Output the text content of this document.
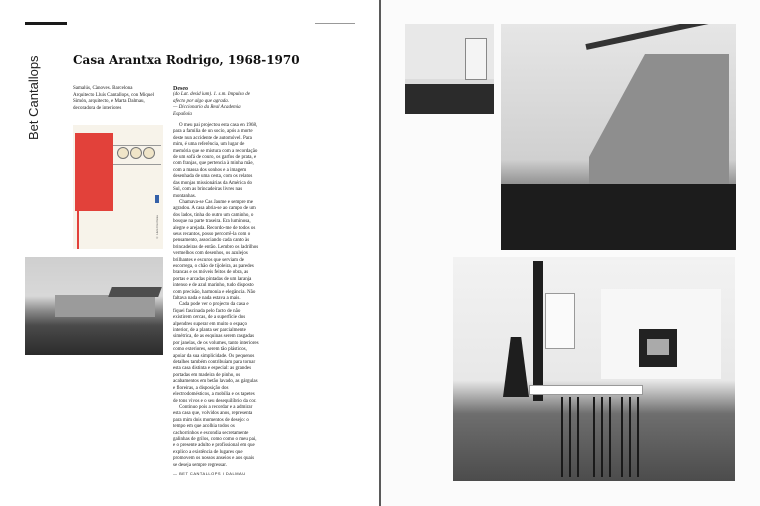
Bet Cantallops	Casa Arantxa Rodrigo, 1968-1970
Samalús, Cànoves. Barcelona
Arquitecto Lluís Cantallops, con Miquel
Simón, arquitecto, e Marta Dalmau,
decoradora de interiores
© Lluís Frei Grau
Deseo
(do Lat. desid ium). 1. s.m. Impulso de
afecto por algo que agrada.
— Diccionario da Real Academia Española

O meu pai projectou esta casa en 1968, para a familia de un socio, após a morte deste nun accidente de automóvel. Para mim, é uma referência, um lugar de memória que se mistura com a recordação de um sofá de couro, os garfos de prata, e com franjas, que pertencia à minha mãe, com a massa dos sonhos e a imagem desenhada de uma cesta, com os relatos das monjas missionárias da América do Sul, com as brincadeiras livres nas montanhas.

Chamava-se Cas Jaume e sempre me agradou. A casa abria-se ao campo de um dos lados, tinha do outro um caminho, o bosque na parte traseira. Era luminosa, alegre e arejada. Recordo-me de todos os seus recantos, posso percorrê-la com o pensamento, associando cada canto às brincadeiras de então. Lembro os ladrilhos vermelhos com desenhos, os azulejos brilhantes e escuros que serviam de escorrega, o chão de tijoleira, as paredes brancas e os móveis feitos de obra, as portas e arcadas pintadas de um laranja intenso e de azul marinho, tudo disposto com precisão, harmonia e elegância. Não faltava nada e nada estava a mais.

Cada pode ver o projecto da casa e fiquei fascinada pelo facto de não existirem cercas, de a superfície dos alpendres superar em muito o espaço interior, de a planta ser parcialmente simétrica, de as esquinas serem rasgadas por janelas, de os volumes, tanto interiores como exteriores, serem tão plásticos, apoiar da sua simplicidade. Os pequenos detalhes também contribuíam para tornar esta casa distinta e especial: as grandes portadas em madeira de pinho, os acabamentos em betão lavado, as gárgulas e floreiras, a disposição dos electrodomésticos, a mobília e os tapetes de tons vivos e o seu desequilíbrio da cor.

Continuo pois a recordar e a admirar esta casa que, volvidos anos, representa para mim dois momentos de desejo: o tempo em que acolhia todos os cachorrinhos e escondia secretamente galinhas de grilos, como como o meu pai, e o presente adulto e profissional em que explico a existência de lugares que promovem os nossos anseios e aos quais se deseja sempre regressar.

— BET CANTALLOPS I DALMAU
